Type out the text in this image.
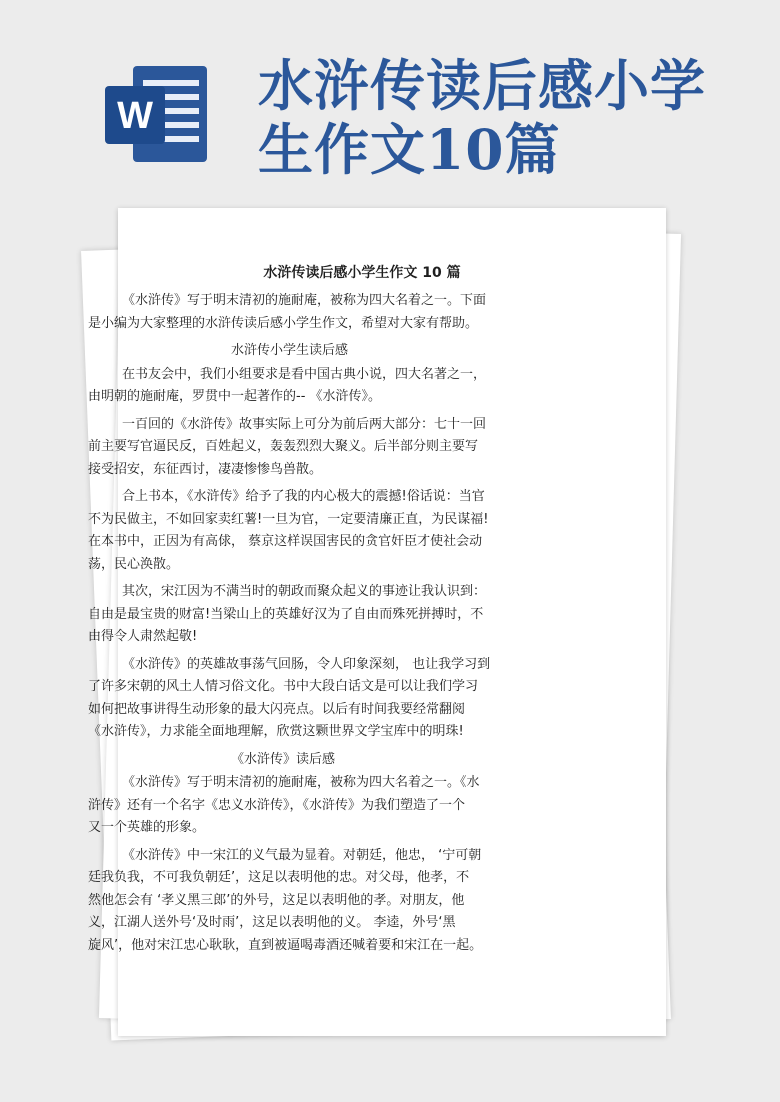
W 水浒传读后感小学
生作文10篇
水浒传读后感小学生作文 10 篇
《水浒传》写于明末清初的施耐庵，被称为四大名着之一。下面
是小编为大家整理的水浒传读后感小学生作文，希望对大家有帮助。
水浒传小学生读后感
在书友会中，我们小组要求是看中国古典小说，四大名著之一，
由明朝的施耐庵，罗贯中一起著作的-- 《水浒传》。
一百回的《水浒传》故事实际上可分为前后两大部分：七十一回
前主要写官逼民反，百姓起义，轰轰烈烈大聚义。后半部分则主要写
接受招安，东征西讨，凄凄惨惨鸟兽散。
合上书本，《水浒传》给予了我的内心极大的震撼!俗话说：当官
不为民做主，不如回家卖红薯!一旦为官，一定要清廉正直，为民谋福!
在本书中，正因为有高俅， 蔡京这样误国害民的贪官奸臣才使社会动
荡，民心涣散。
其次，宋江因为不满当时的朝政而聚众起义的事迹让我认识到：
自由是最宝贵的财富!当梁山上的英雄好汉为了自由而殊死拼搏时，不
由得令人肃然起敬!
《水浒传》的英雄故事荡气回肠，令人印象深刻， 也让我学习到
了许多宋朝的风土人情习俗文化。书中大段白话文是可以让我们学习
如何把故事讲得生动形象的最大闪亮点。以后有时间我要经常翻阅
《水浒传》，力求能全面地理解，欣赏这颗世界文学宝库中的明珠!
《水浒传》读后感
《水浒传》写于明末清初的施耐庵，被称为四大名着之一。《水
浒传》还有一个名字《忠义水浒传》，《水浒传》为我们塑造了一个
又一个英雄的形象。
《水浒传》中一宋江的义气最为显着。对朝廷，他忠， ‘宁可朝
廷我负我，不可我负朝廷’，这足以表明他的忠。对父母，他孝，不
然他怎会有 ‘孝义黑三郎’的外号，这足以表明他的孝。对朋友，他
义，江湖人送外号‘及时雨’，这足以表明他的义。 李逵，外号‘黑
旋风’，他对宋江忠心耿耿，直到被逼喝毒酒还喊着要和宋江在一起。
